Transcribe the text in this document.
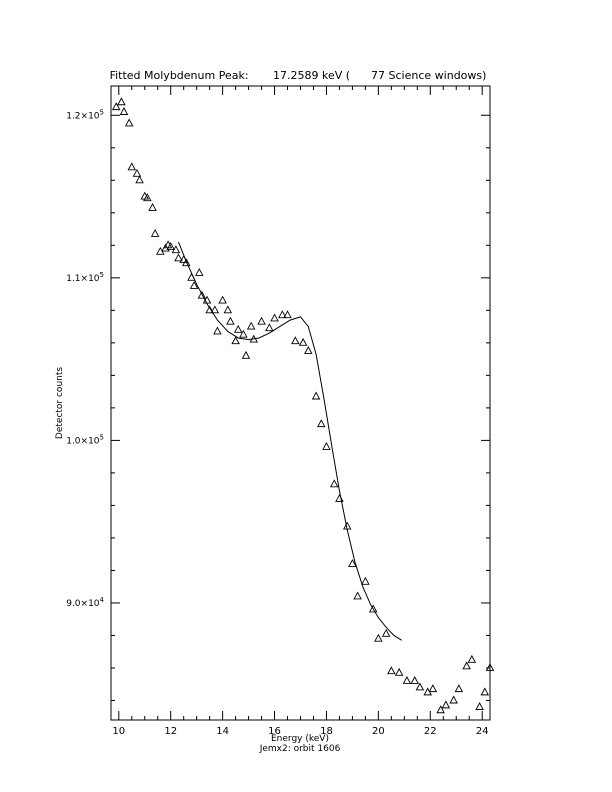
Fitted Molybdenum Peak:       17.2589 keV (      77 Science windows)
10	12	14	16	18	20	22	24
$9.0\times 10^4$
$1.0\times 10^5$
$1.1\times 10^5$
$1.2\times 10^5$
Energy (keV)
Jemx2: orbit 1606
Detector counts
